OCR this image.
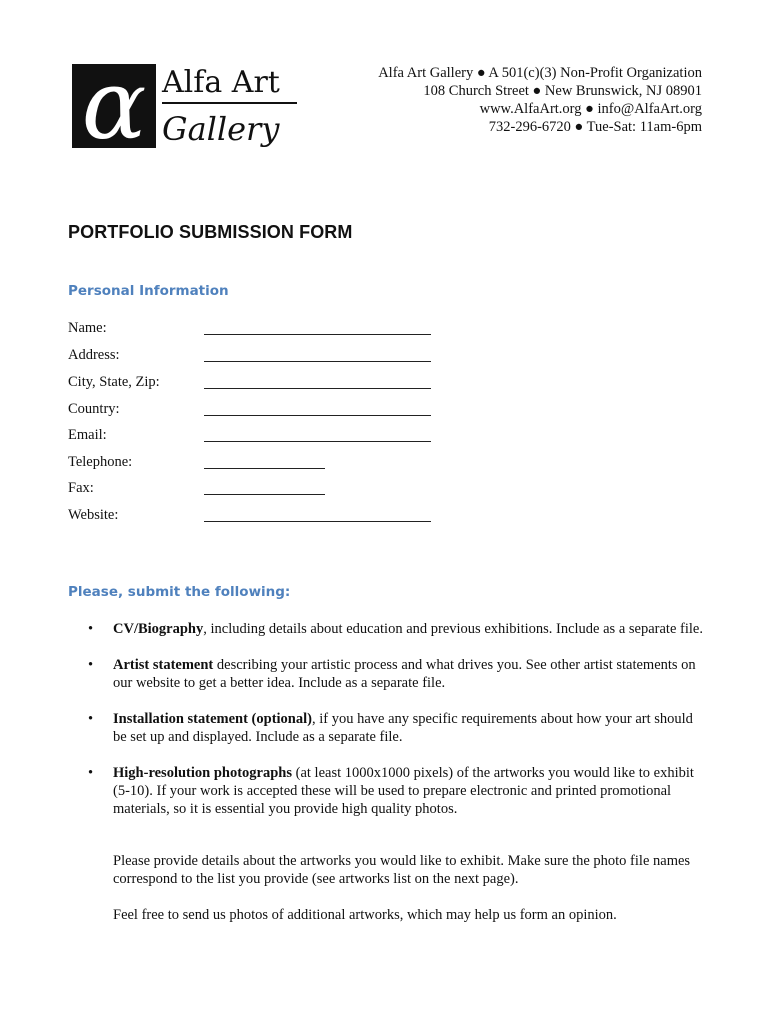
α Alfa Art
Gallery
Alfa Art Gallery ● A 501(c)(3) Non-Profit Organization
108 Church Street ● New Brunswick, NJ 08901
www.AlfaArt.org ● info@AlfaArt.org
732-296-6720 ● Tue-Sat: 11am-6pm
PORTFOLIO SUBMISSION FORM
Personal Information
Name:
Address:
City, State, Zip:
Country:
Email:
Telephone:
Fax:
Website:
Please, submit the following:
• CV/Biography, including details about education and previous exhibitions. Include as a separate file.
• Artist statement describing your artistic process and what drives you. See other artist statements on our website to get a better idea. Include as a separate file.
• Installation statement (optional), if you have any specific requirements about how your art should be set up and displayed. Include as a separate file.
• High-resolution photographs (at least 1000x1000 pixels) of the artworks you would like to exhibit (5-10). If your work is accepted these will be used to prepare electronic and printed promotional materials, so it is essential you provide high quality photos.
Please provide details about the artworks you would like to exhibit. Make sure the photo file names correspond to the list you provide (see artworks list on the next page).
Feel free to send us photos of additional artworks, which may help us form an opinion.
